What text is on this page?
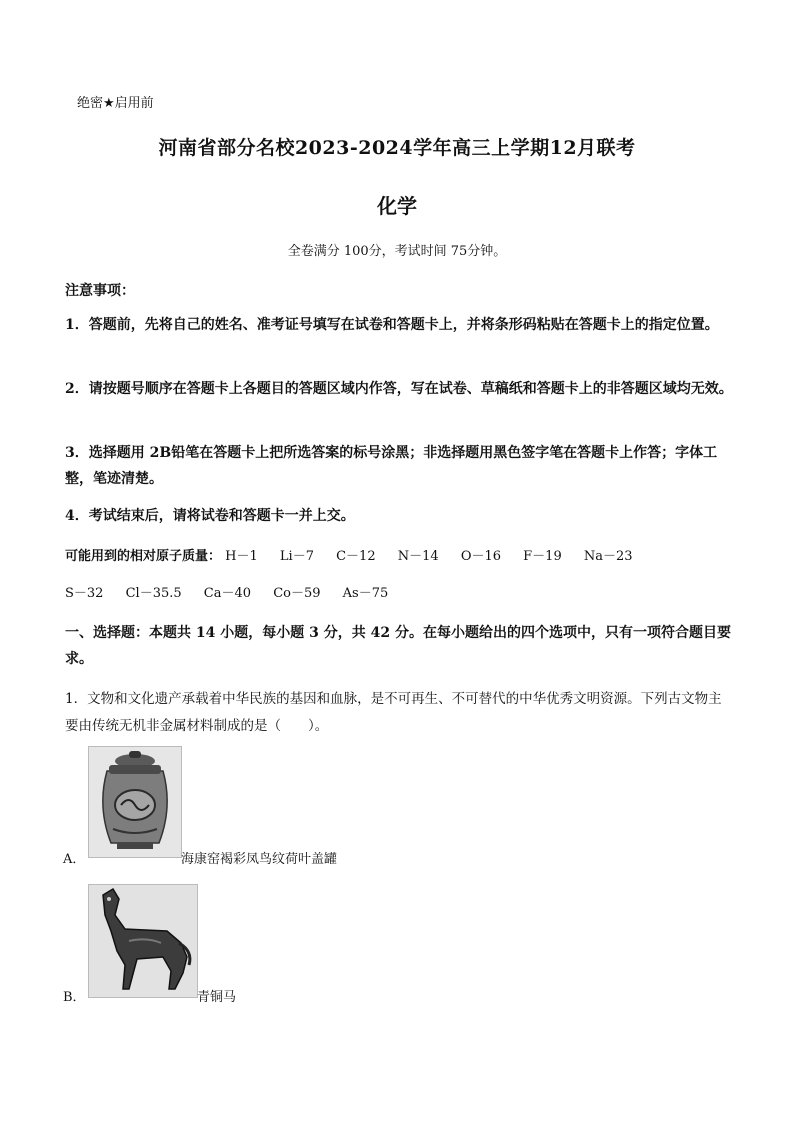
绝密★启用前
河南省部分名校2023-2024学年高三上学期12月联考
化学
全卷满分 100分，考试时间 75分钟。
注意事项：
1．答题前，先将自己的姓名、准考证号填写在试卷和答题卡上，并将条形码粘贴在答题卡上的指定位置。
2．请按题号顺序在答题卡上各题目的答题区域内作答，写在试卷、草稿纸和答题卡上的非答题区域均无效。
3．选择题用 2B铅笔在答题卡上把所选答案的标号涂黑；非选择题用黑色签字笔在答题卡上作答；字体工整，笔迹清楚。
4．考试结束后，请将试卷和答题卡一并上交。
可能用到的相对原子质量： H－1 Li－7 C－12 N－14 O－16 F－19 Na－23
S－32 Cl－35.5 Ca－40 Co－59 As－75
一、选择题：本题共 14 小题，每小题 3 分，共 42 分。在每小题给出的四个选项中，只有一项符合题目要求。
1．文物和文化遗产承载着中华民族的基因和血脉，是不可再生、不可替代的中华优秀文明资源。下列古文物主要由传统无机非金属材料制成的是（　　）。
A．	海康窑褐彩凤鸟纹荷叶盖罐
B．	青铜马
